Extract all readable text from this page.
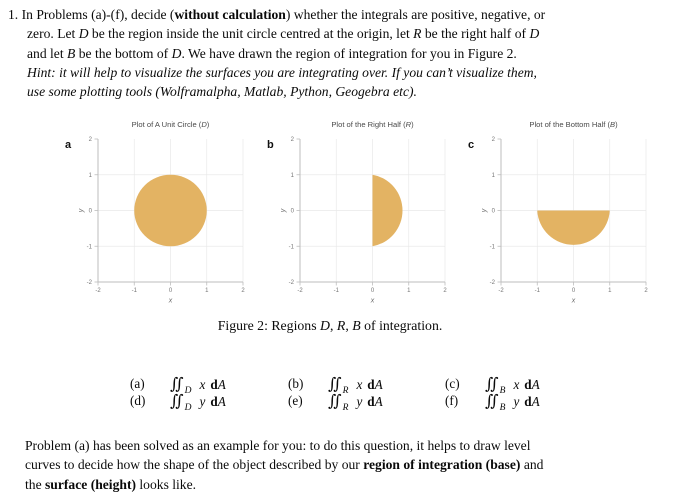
1. In Problems (a)-(f), decide (without calculation) whether the integrals are positive, negative, or
zero. Let D be the region inside the unit circle centred at the origin, let R be the right half of D
and let B be the bottom of D. We have drawn the region of integration for you in Figure 2.
Hint: it will help to visualize the surfaces you are integrating over. If you can’t visualize them,
use some plotting tools (Wolframalpha, Matlab, Python, Geogebra etc).
a
Plot of A Unit Circle (D)
2
1
0
-1
-2
-2	-1	0	1	2
x
y
b
Plot of the Right Half (R)
2
1
0
-1
-2
-2	-1	0	1	2
x
y
c
Plot of the Bottom Half (B)
2
1
0
-1
-2
-2	-1	0	1	2
x
y
Figure 2: Regions D, R, B of integration.
(a)	$∬_D$ x dA	(b)	$∬_R$ x dA	(c)	$∬_B$ x dA
(d)	$∬_D$ y dA	(e)	$∬_R$ y dA	(f)	$∬_B$ y dA
Problem (a) has been solved as an example for you: to do this question, it helps to draw level
curves to decide how the shape of the object described by our region of integration (base) and
the surface (height) looks like.
